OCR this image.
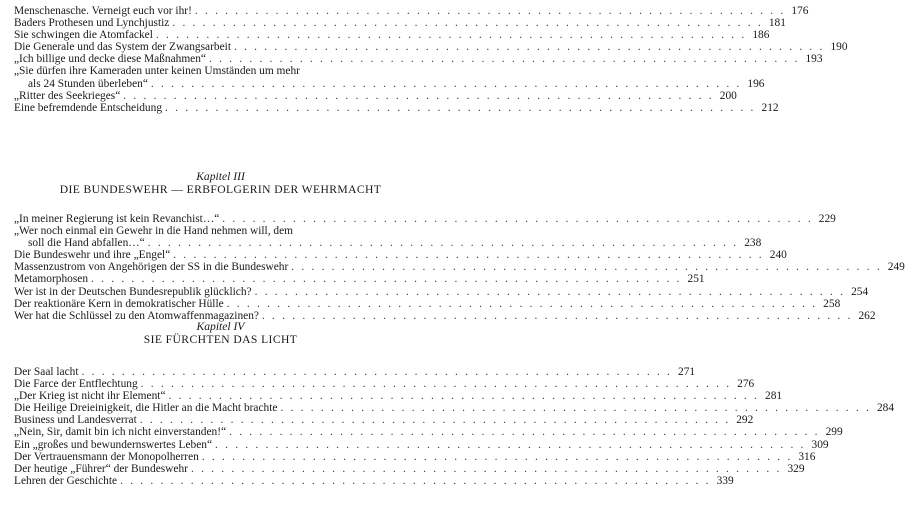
Menschenasche. Verneigt euch vor ihr! . . . . . . . . . . . . . . . . . . . . . . . . . . . . . . . . . . . . . . . . . . . . . . . . . . . . . . . . . . . 176
Baders Prothesen und Lynchjustiz . . . . . . . . . . . . . . . . . . . . . . . . . . . . . . . . . . . . . . . . . . . . . . . . . . . . . . . . . . . 181
Sie schwingen die Atomfackel . . . . . . . . . . . . . . . . . . . . . . . . . . . . . . . . . . . . . . . . . . . . . . . . . . . . . . . . . . . 186
Die Generale und das System der Zwangsarbeit . . . . . . . . . . . . . . . . . . . . . . . . . . . . . . . . . . . . . . . . . . . . . . . . . . . . . . . . . . . 190
„Ich billige und decke diese Maßnahmen“ . . . . . . . . . . . . . . . . . . . . . . . . . . . . . . . . . . . . . . . . . . . . . . . . . . . . . . . . . . . 193
„Sie dürfen ihre Kameraden unter keinen Umständen um mehr
als 24 Stunden überleben“ . . . . . . . . . . . . . . . . . . . . . . . . . . . . . . . . . . . . . . . . . . . . . . . . . . . . . . . . . . . 196
„Ritter des Seekrieges“ . . . . . . . . . . . . . . . . . . . . . . . . . . . . . . . . . . . . . . . . . . . . . . . . . . . . . . . . . . . 200
Eine befremdende Entscheidung . . . . . . . . . . . . . . . . . . . . . . . . . . . . . . . . . . . . . . . . . . . . . . . . . . . . . . . . . . . 212

Kapitel III

DIE BUNDESWEHR — ERBFOLGERIN DER WEHRMACHT

„In meiner Regierung ist kein Revanchist…“ . . . . . . . . . . . . . . . . . . . . . . . . . . . . . . . . . . . . . . . . . . . . . . . . . . . . . . . . . . . 229
„Wer noch einmal ein Gewehr in die Hand nehmen will, dem
soll die Hand abfallen…“ . . . . . . . . . . . . . . . . . . . . . . . . . . . . . . . . . . . . . . . . . . . . . . . . . . . . . . . . . . . 238
Die Bundeswehr und ihre „Engel“ . . . . . . . . . . . . . . . . . . . . . . . . . . . . . . . . . . . . . . . . . . . . . . . . . . . . . . . . . . . 240
Massenzustrom von Angehörigen der SS in die Bundeswehr . . . . . . . . . . . . . . . . . . . . . . . . . . . . . . . . . . . . . . . . . . . . . . . . . . . . . . . . . . . 249
Metamorphosen . . . . . . . . . . . . . . . . . . . . . . . . . . . . . . . . . . . . . . . . . . . . . . . . . . . . . . . . . . . 251
Wer ist in der Deutschen Bundesrepublik glücklich? . . . . . . . . . . . . . . . . . . . . . . . . . . . . . . . . . . . . . . . . . . . . . . . . . . . . . . . . . . . 254
Der reaktionäre Kern in demokratischer Hülle . . . . . . . . . . . . . . . . . . . . . . . . . . . . . . . . . . . . . . . . . . . . . . . . . . . . . . . . . . . 258
Wer hat die Schlüssel zu den Atomwaffenmagazinen? . . . . . . . . . . . . . . . . . . . . . . . . . . . . . . . . . . . . . . . . . . . . . . . . . . . . . . . . . . . 262

Kapitel IV

SIE FÜRCHTEN DAS LICHT

Der Saal lacht . . . . . . . . . . . . . . . . . . . . . . . . . . . . . . . . . . . . . . . . . . . . . . . . . . . . . . . . . . . 271
Die Farce der Entflechtung . . . . . . . . . . . . . . . . . . . . . . . . . . . . . . . . . . . . . . . . . . . . . . . . . . . . . . . . . . . 276
„Der Krieg ist nicht ihr Element“ . . . . . . . . . . . . . . . . . . . . . . . . . . . . . . . . . . . . . . . . . . . . . . . . . . . . . . . . . . . 281
Die Heilige Dreieinigkeit, die Hitler an die Macht brachte . . . . . . . . . . . . . . . . . . . . . . . . . . . . . . . . . . . . . . . . . . . . . . . . . . . . . . . . . . . 284
Business und Landesverrat . . . . . . . . . . . . . . . . . . . . . . . . . . . . . . . . . . . . . . . . . . . . . . . . . . . . . . . . . . . 292
„Nein, Sir, damit bin ich nicht einverstanden!“ . . . . . . . . . . . . . . . . . . . . . . . . . . . . . . . . . . . . . . . . . . . . . . . . . . . . . . . . . . . 299
Ein „großes und bewundernswertes Leben“ . . . . . . . . . . . . . . . . . . . . . . . . . . . . . . . . . . . . . . . . . . . . . . . . . . . . . . . . . . . 309
Der Vertrauensmann der Monopolherren . . . . . . . . . . . . . . . . . . . . . . . . . . . . . . . . . . . . . . . . . . . . . . . . . . . . . . . . . . . 316
Der heutige „Führer“ der Bundeswehr . . . . . . . . . . . . . . . . . . . . . . . . . . . . . . . . . . . . . . . . . . . . . . . . . . . . . . . . . . . 329
Lehren der Geschichte . . . . . . . . . . . . . . . . . . . . . . . . . . . . . . . . . . . . . . . . . . . . . . . . . . . . . . . . . . . 339
